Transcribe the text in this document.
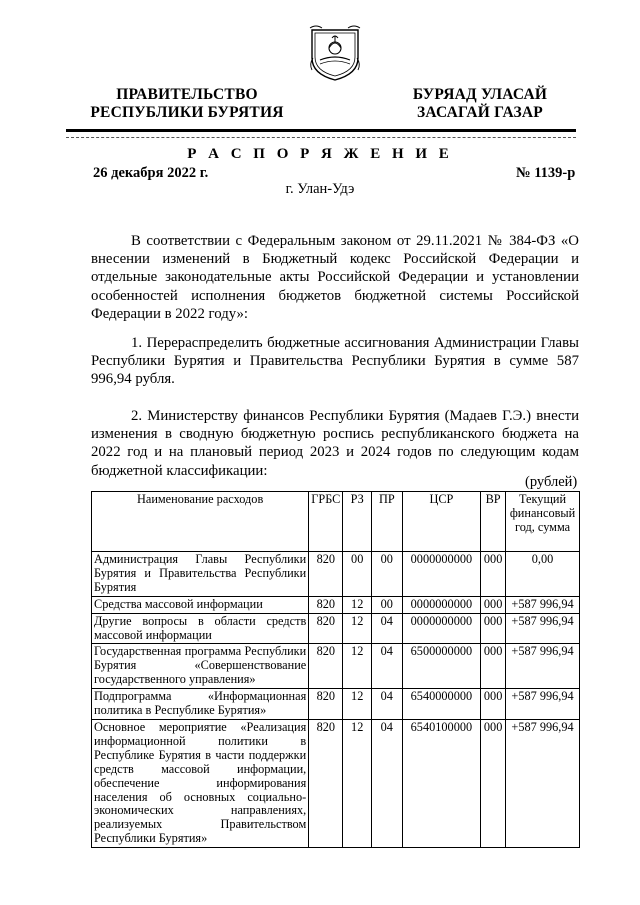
ПРАВИТЕЛЬСТВО
РЕСПУБЛИКИ БУРЯТИЯ
БУРЯАД УЛАСАЙ
ЗАСАГАЙ ГАЗАР
Р А С П О Р Я Ж Е Н И Е
26 декабря 2022 г.	№ 1139-р
г. Улан-Удэ
В соответствии с Федеральным законом от 29.11.2021 № 384-ФЗ «О внесении изменений в Бюджетный кодекс Российской Федерации и отдельные законодательные акты Российской Федерации и установлении особенностей исполнения бюджетов бюджетной системы Российской Федерации в 2022 году»:
1. Перераспределить бюджетные ассигнования Администрации Главы Республики Бурятия и Правительства Республики Бурятия в сумме 587 996,94 рубля.
2. Министерству финансов Республики Бурятия (Мадаев Г.Э.) внести изменения в сводную бюджетную роспись республиканского бюджета на 2022 год и на плановый период 2023 и 2024 годов по следующим кодам бюджетной классификации:
(рублей)
Наименование расходов	ГРБС	РЗ	ПР	ЦСР	ВР	Текущий финансовый год, сумма
Администрация Главы Республики Бурятия и Правительства Республики Бурятия	820	00	00	0000000000	000	0,00
Средства массовой информации	820	12	00	0000000000	000	+587 996,94
Другие вопросы в области средств массовой информации	820	12	04	0000000000	000	+587 996,94
Государственная программа Республики Бурятия «Совершенствование государственного управления»	820	12	04	6500000000	000	+587 996,94
Подпрограмма «Информационная политика в Республике Бурятия»	820	12	04	6540000000	000	+587 996,94
Основное мероприятие «Реализация информационной политики в Республике Бурятия в части поддержки средств массовой информации, обеспечение информирования населения об основных социально-экономических направлениях, реализуемых Правительством Республики Бурятия»	820	12	04	6540100000	000	+587 996,94
